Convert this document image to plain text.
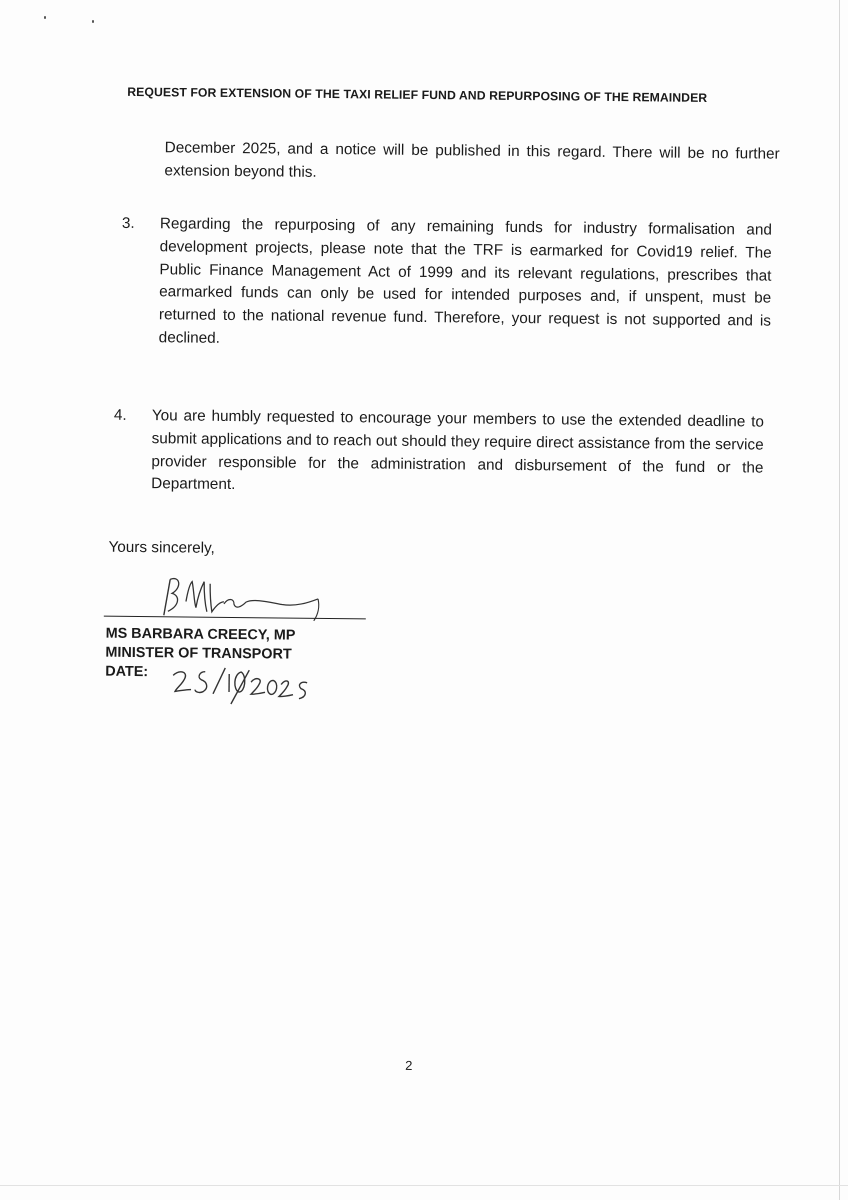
REQUEST FOR EXTENSION OF THE TAXI RELIEF FUND AND REPURPOSING OF THE REMAINDER
December 2025, and a notice will be published in this regard. There will be no further extension beyond this.
3. Regarding the repurposing of any remaining funds for industry formalisation and development projects, please note that the TRF is earmarked for Covid19 relief. The Public Finance Management Act of 1999 and its relevant regulations, prescribes that earmarked funds can only be used for intended purposes and, if unspent, must be returned to the national revenue fund. Therefore, your request is not supported and is declined.
4. You are humbly requested to encourage your members to use the extended deadline to submit applications and to reach out should they require direct assistance from the service provider responsible for the administration and disbursement of the fund or the Department.
Yours sincerely,
MS BARBARA CREECY, MP
MINISTER OF TRANSPORT
DATE:
2
